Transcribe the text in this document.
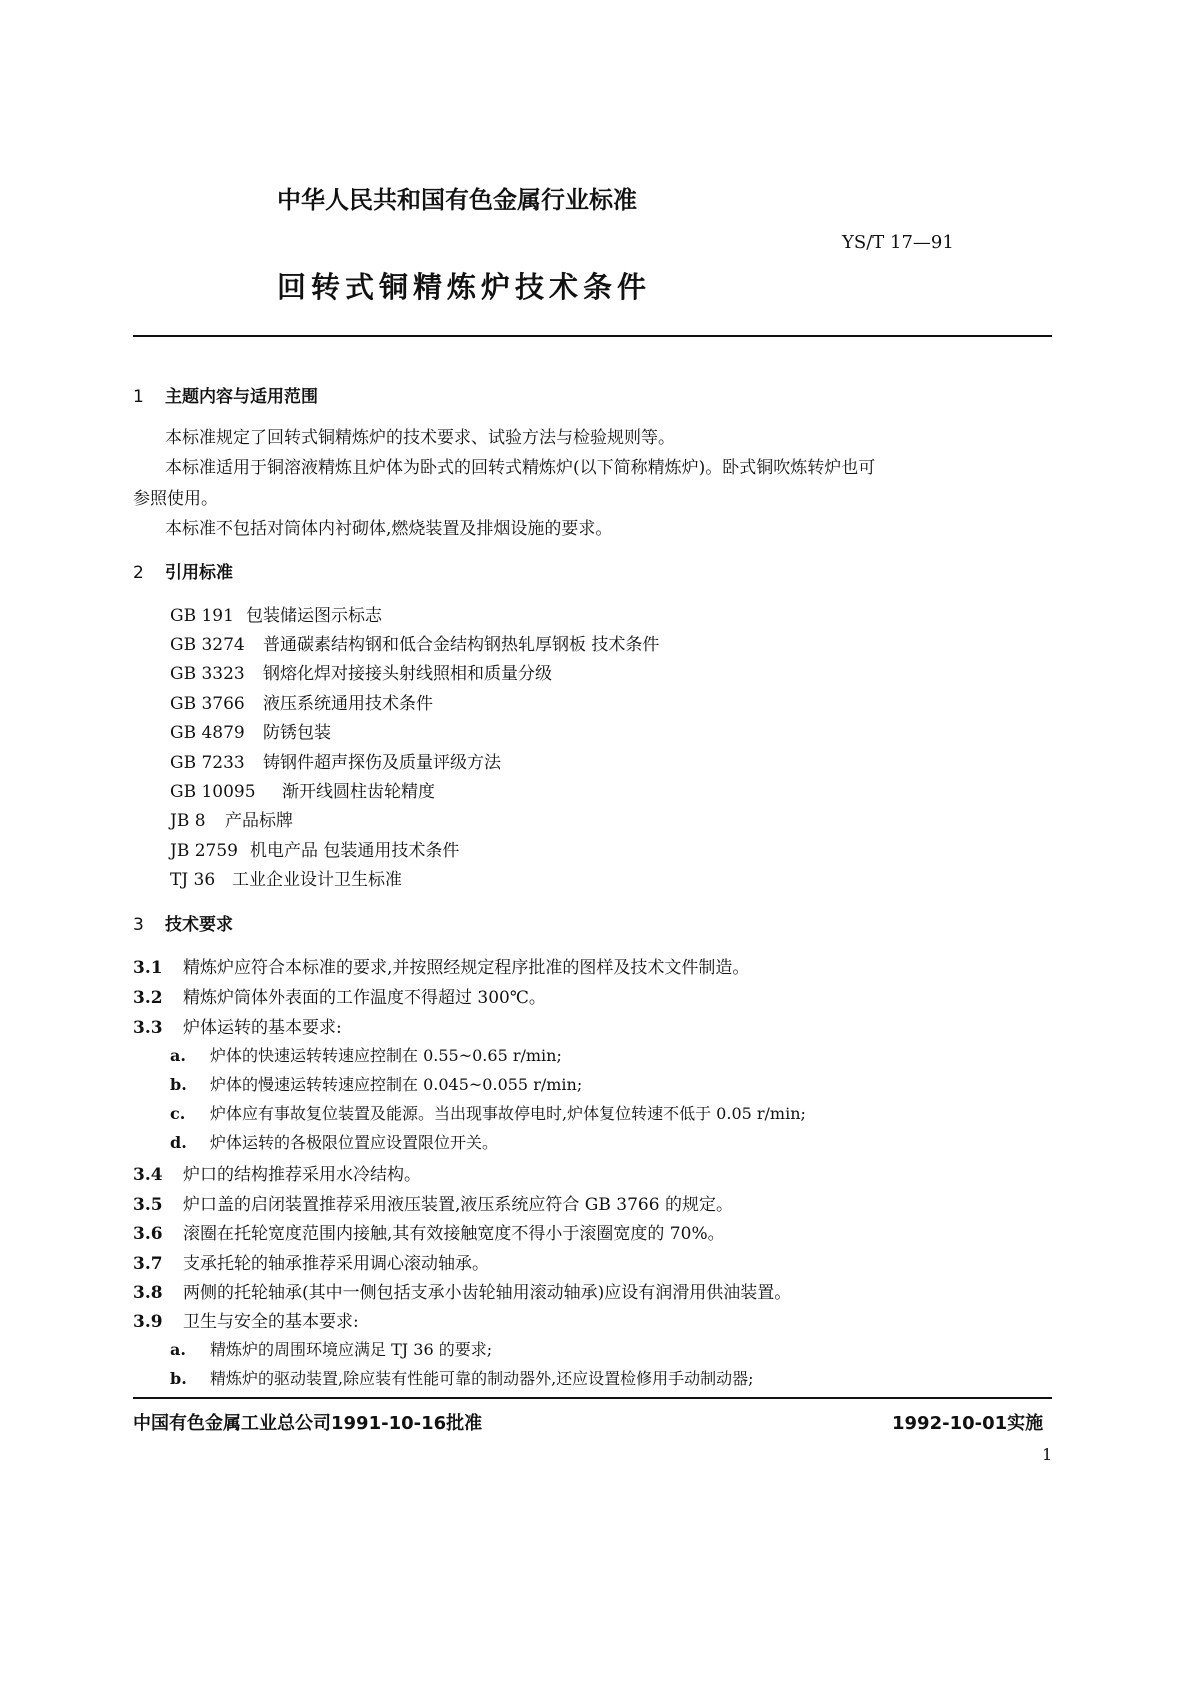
中华人民共和国有色金属行业标准
YS/T 17—91
回转式铜精炼炉技术条件
1 主题内容与适用范围
本标准规定了回转式铜精炼炉的技术要求、试验方法与检验规则等。
本标准适用于铜溶液精炼且炉体为卧式的回转式精炼炉(以下简称精炼炉)。卧式铜吹炼转炉也可
参照使用。
本标准不包括对筒体内衬砌体,燃烧装置及排烟设施的要求。
2 引用标准
GB 191 包装储运图示标志
GB 3274 普通碳素结构钢和低合金结构钢热轧厚钢板 技术条件
GB 3323 钢熔化焊对接接头射线照相和质量分级
GB 3766 液压系统通用技术条件
GB 4879 防锈包装
GB 7233 铸钢件超声探伤及质量评级方法
GB 10095 渐开线圆柱齿轮精度
JB 8 产品标牌
JB 2759 机电产品 包装通用技术条件
TJ 36 工业企业设计卫生标准
3 技术要求
3.1 精炼炉应符合本标准的要求,并按照经规定程序批准的图样及技术文件制造。
3.2 精炼炉筒体外表面的工作温度不得超过 300℃。
3.3 炉体运转的基本要求:
a. 炉体的快速运转转速应控制在 0.55~0.65 r/min;
b. 炉体的慢速运转转速应控制在 0.045~0.055 r/min;
c. 炉体应有事故复位装置及能源。当出现事故停电时,炉体复位转速不低于 0.05 r/min;
d. 炉体运转的各极限位置应设置限位开关。
3.4 炉口的结构推荐采用水冷结构。
3.5 炉口盖的启闭装置推荐采用液压装置,液压系统应符合 GB 3766 的规定。
3.6 滚圈在托轮宽度范围内接触,其有效接触宽度不得小于滚圈宽度的 70%。
3.7 支承托轮的轴承推荐采用调心滚动轴承。
3.8 两侧的托轮轴承(其中一侧包括支承小齿轮轴用滚动轴承)应设有润滑用供油装置。
3.9 卫生与安全的基本要求:
a. 精炼炉的周围环境应满足 TJ 36 的要求;
b. 精炼炉的驱动装置,除应装有性能可靠的制动器外,还应设置检修用手动制动器;
中国有色金属工业总公司1991-10-16批准	1992-10-01实施
1
